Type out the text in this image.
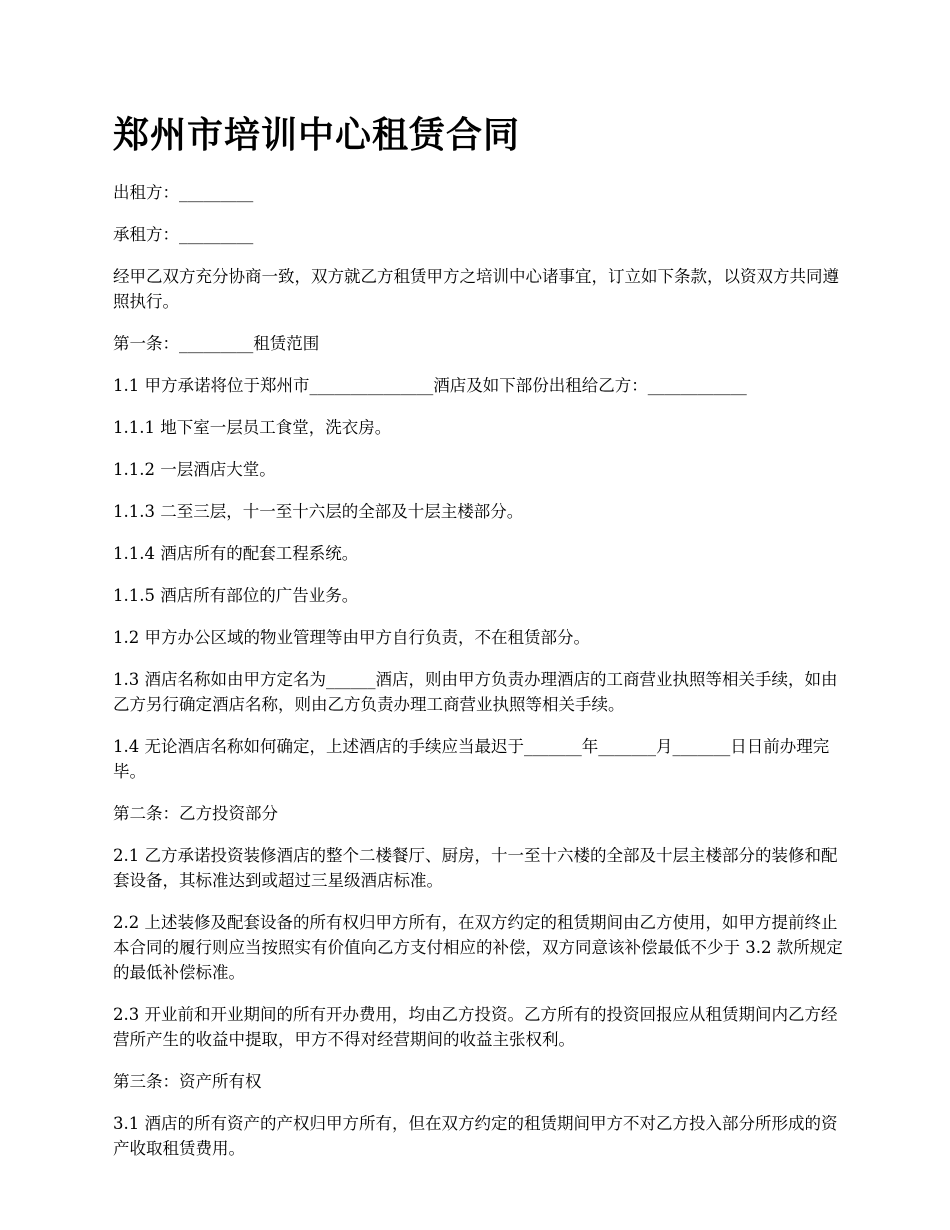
郑州市培训中心租赁合同

出租方：_________

承租方：_________

经甲乙双方充分协商一致，双方就乙方租赁甲方之培训中心诸事宜，订立如下条款，以资双方共同遵照执行。

第一条：_________租赁范围

1.1 甲方承诺将位于郑州市_______________酒店及如下部份出租给乙方：____________

1.1.1 地下室一层员工食堂，洗衣房。

1.1.2 一层酒店大堂。

1.1.3 二至三层，十一至十六层的全部及十层主楼部分。

1.1.4 酒店所有的配套工程系统。

1.1.5 酒店所有部位的广告业务。

1.2 甲方办公区域的物业管理等由甲方自行负责，不在租赁部分。

1.3 酒店名称如由甲方定名为______酒店，则由甲方负责办理酒店的工商营业执照等相关手续，如由乙方另行确定酒店名称，则由乙方负责办理工商营业执照等相关手续。

1.4 无论酒店名称如何确定，上述酒店的手续应当最迟于_______年_______月_______日日前办理完毕。

第二条：乙方投资部分

2.1 乙方承诺投资装修酒店的整个二楼餐厅、厨房，十一至十六楼的全部及十层主楼部分的装修和配套设备，其标准达到或超过三星级酒店标准。

2.2 上述装修及配套设备的所有权归甲方所有，在双方约定的租赁期间由乙方使用，如甲方提前终止本合同的履行则应当按照实有价值向乙方支付相应的补偿，双方同意该补偿最低不少于 3.2 款所规定的最低补偿标准。

2.3 开业前和开业期间的所有开办费用，均由乙方投资。乙方所有的投资回报应从租赁期间内乙方经营所产生的收益中提取，甲方不得对经营期间的收益主张权利。

第三条：资产所有权

3.1 酒店的所有资产的产权归甲方所有，但在双方约定的租赁期间甲方不对乙方投入部分所形成的资产收取租赁费用。
